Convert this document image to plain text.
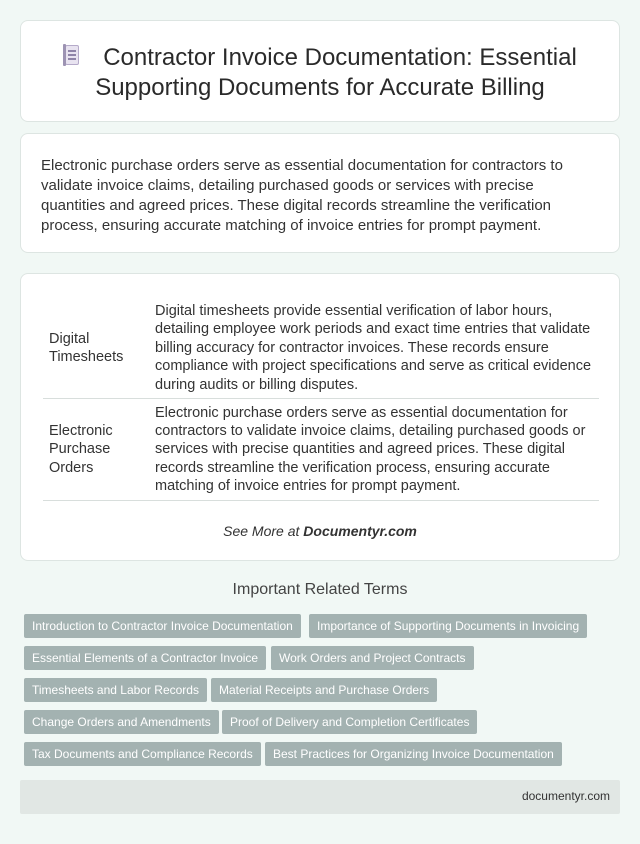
Contractor Invoice Documentation: Essential
Supporting Documents for Accurate Billing

Electronic purchase orders serve as essential documentation for contractors to validate invoice claims, detailing purchased goods or services with precise quantities and agreed prices. These digital records streamline the verification process, ensuring accurate matching of invoice entries for prompt payment.

Digital Timesheets	Digital timesheets provide essential verification of labor hours, detailing employee work periods and exact time entries that validate billing accuracy for contractor invoices. These records ensure compliance with project specifications and serve as critical evidence during audits or billing disputes.
Electronic Purchase Orders	Electronic purchase orders serve as essential documentation for contractors to validate invoice claims, detailing purchased goods or services with precise quantities and agreed prices. These digital records streamline the verification process, ensuring accurate matching of invoice entries for prompt payment.
See More at Documentyr.com
Important Related Terms
Introduction to Contractor Invoice Documentation	Importance of Supporting Documents in Invoicing
Essential Elements of a Contractor Invoice	Work Orders and Project Contracts
Timesheets and Labor Records	Material Receipts and Purchase Orders
Change Orders and Amendments	Proof of Delivery and Completion Certificates
Tax Documents and Compliance Records	Best Practices for Organizing Invoice Documentation
documentyr.com
